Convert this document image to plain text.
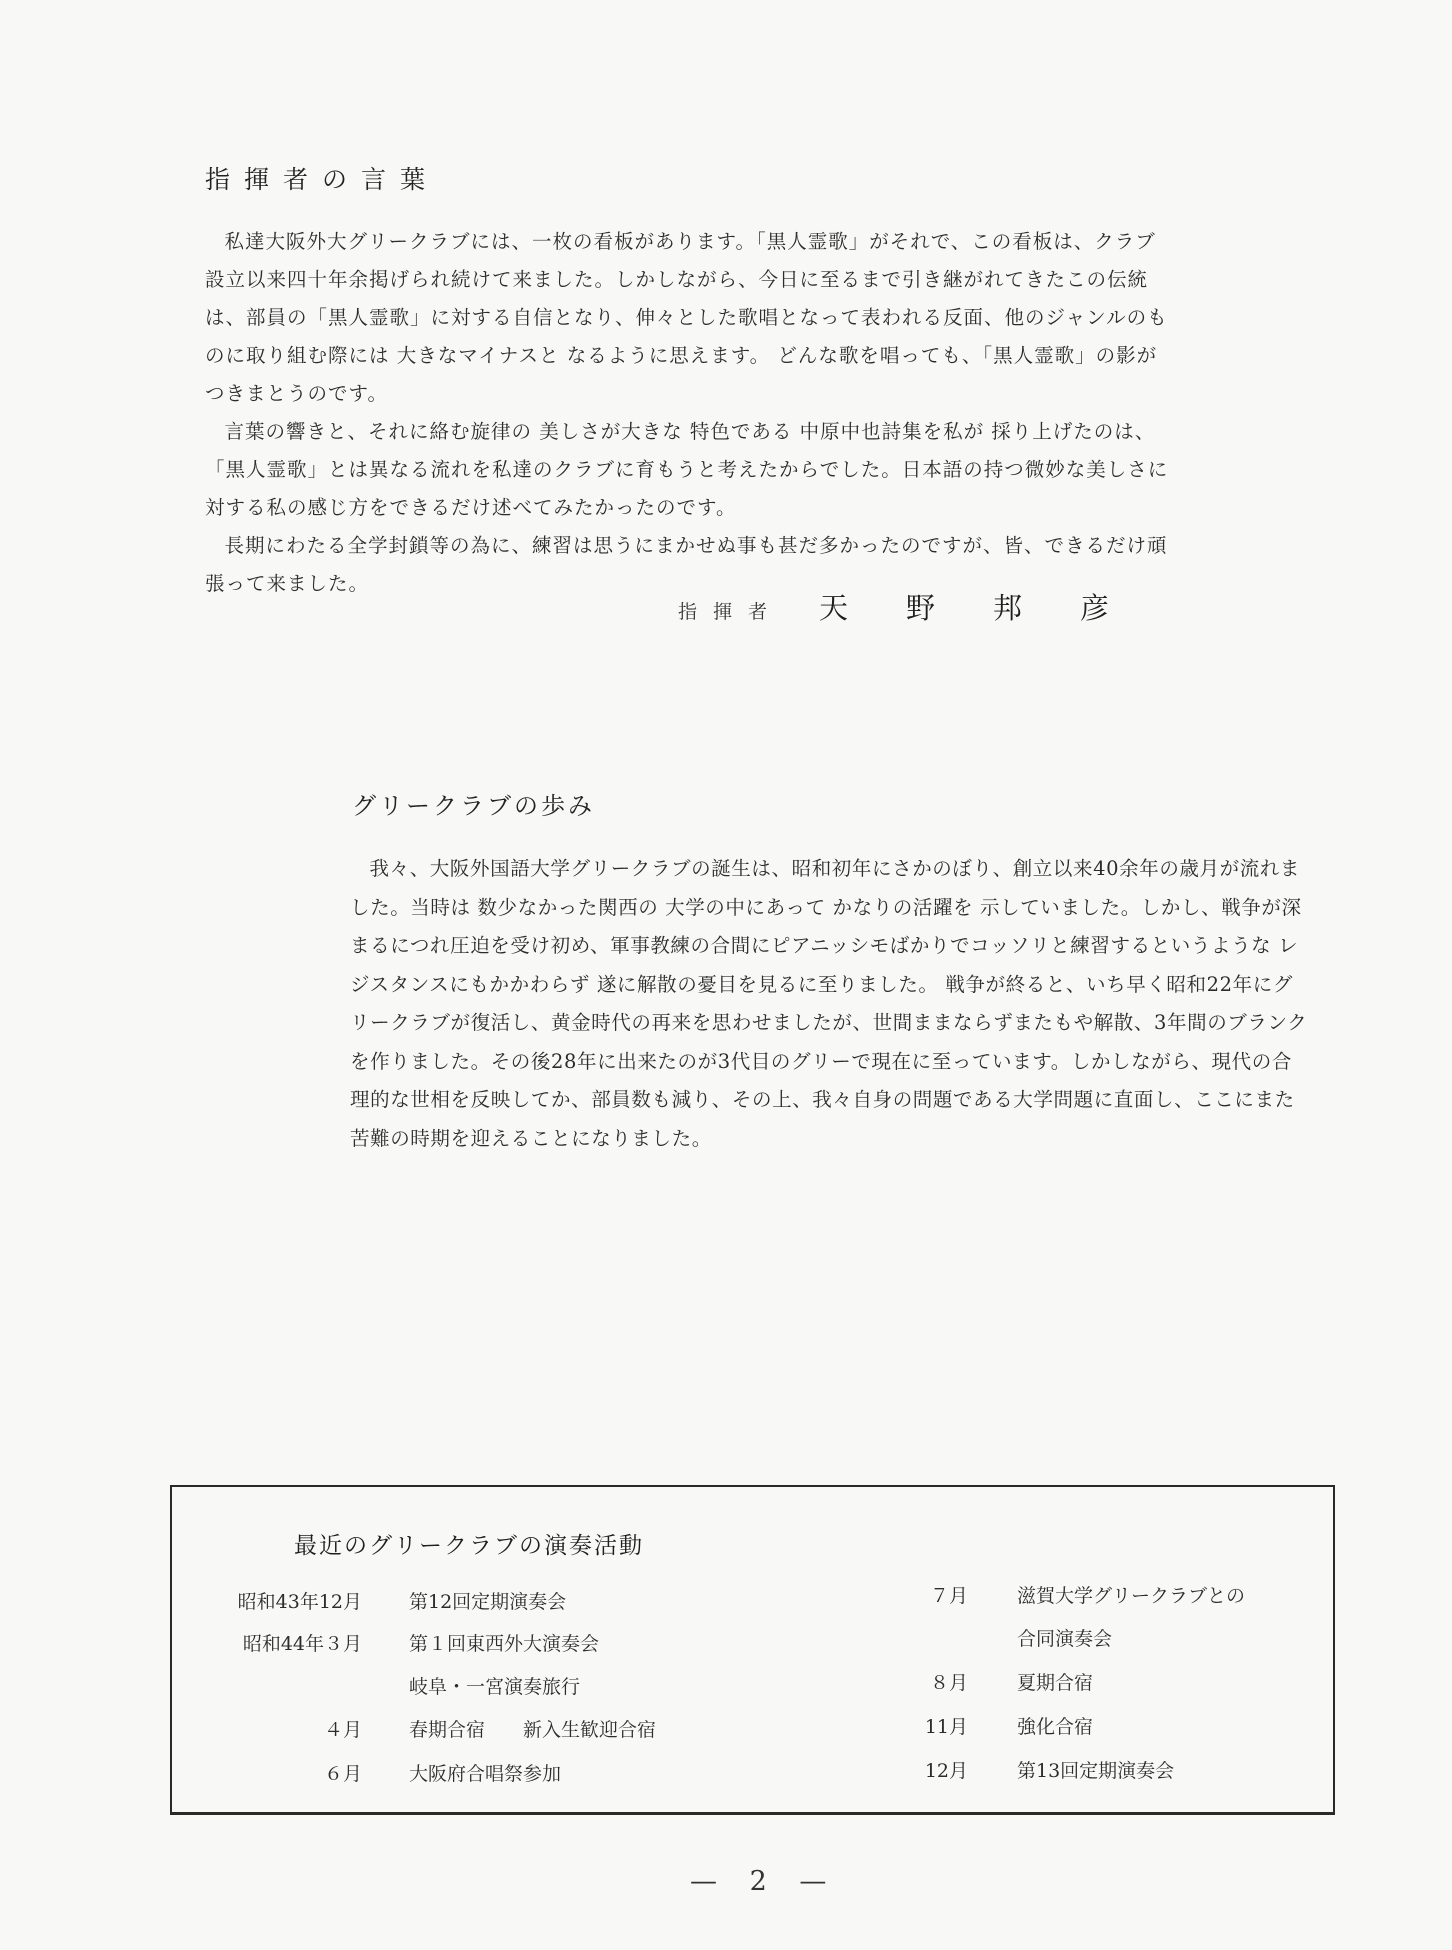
指揮者の言葉

私達大阪外大グリークラブには、一枚の看板があります。「黒人霊歌」がそれで、この看板は、クラブ設立以来四十年余掲げられ続けて来ました。しかしながら、今日に至るまで引き継がれてきたこの伝統は、部員の「黒人霊歌」に対する自信となり、伸々とした歌唱となって表われる反面、他のジャンルのものに取り組む際には 大きなマイナスと なるように思えます。 どんな歌を唱っても、「黒人霊歌」の影がつきまとうのです。

言葉の響きと、それに絡む旋律の 美しさが大きな 特色である 中原中也詩集を私が 採り上げたのは、「黒人霊歌」とは異なる流れを私達のクラブに育もうと考えたからでした。日本語の持つ微妙な美しさに対する私の感じ方をできるだけ述べてみたかったのです。

長期にわたる全学封鎖等の為に、練習は思うにまかせぬ事も甚だ多かったのですが、皆、できるだけ頑張って来ました。

指揮者 天野邦彦
グリークラブの歩み

我々、大阪外国語大学グリークラブの誕生は、昭和初年にさかのぼり、創立以来40余年の歳月が流れました。当時は 数少なかった関西の 大学の中にあって かなりの活躍を 示していました。しかし、戦争が深まるにつれ圧迫を受け初め、軍事教練の合間にピアニッシモばかりでコッソリと練習するというような レジスタンスにもかかわらず 遂に解散の憂目を見るに至りました。 戦争が終ると、いち早く昭和22年にグリークラブが復活し、黄金時代の再来を思わせましたが、世間ままならずまたもや解散、3年間のブランクを作りました。その後28年に出来たのが3代目のグリーで現在に至っています。しかしながら、現代の合理的な世相を反映してか、部員数も減り、その上、我々自身の問題である大学問題に直面し、ここにまた苦難の時期を迎えることになりました。

最近のグリークラブの演奏活動
昭和43年12月 第12回定期演奏会
昭和44年３月 第１回東西外大演奏会
岐阜・一宮演奏旅行
４月 春期合宿　　新入生歓迎合宿
６月 大阪府合唱祭参加
７月	滋賀大学グリークラブとの
合同演奏会
８月	夏期合宿
11月	強化合宿
12月	第13回定期演奏会
— 2 —
